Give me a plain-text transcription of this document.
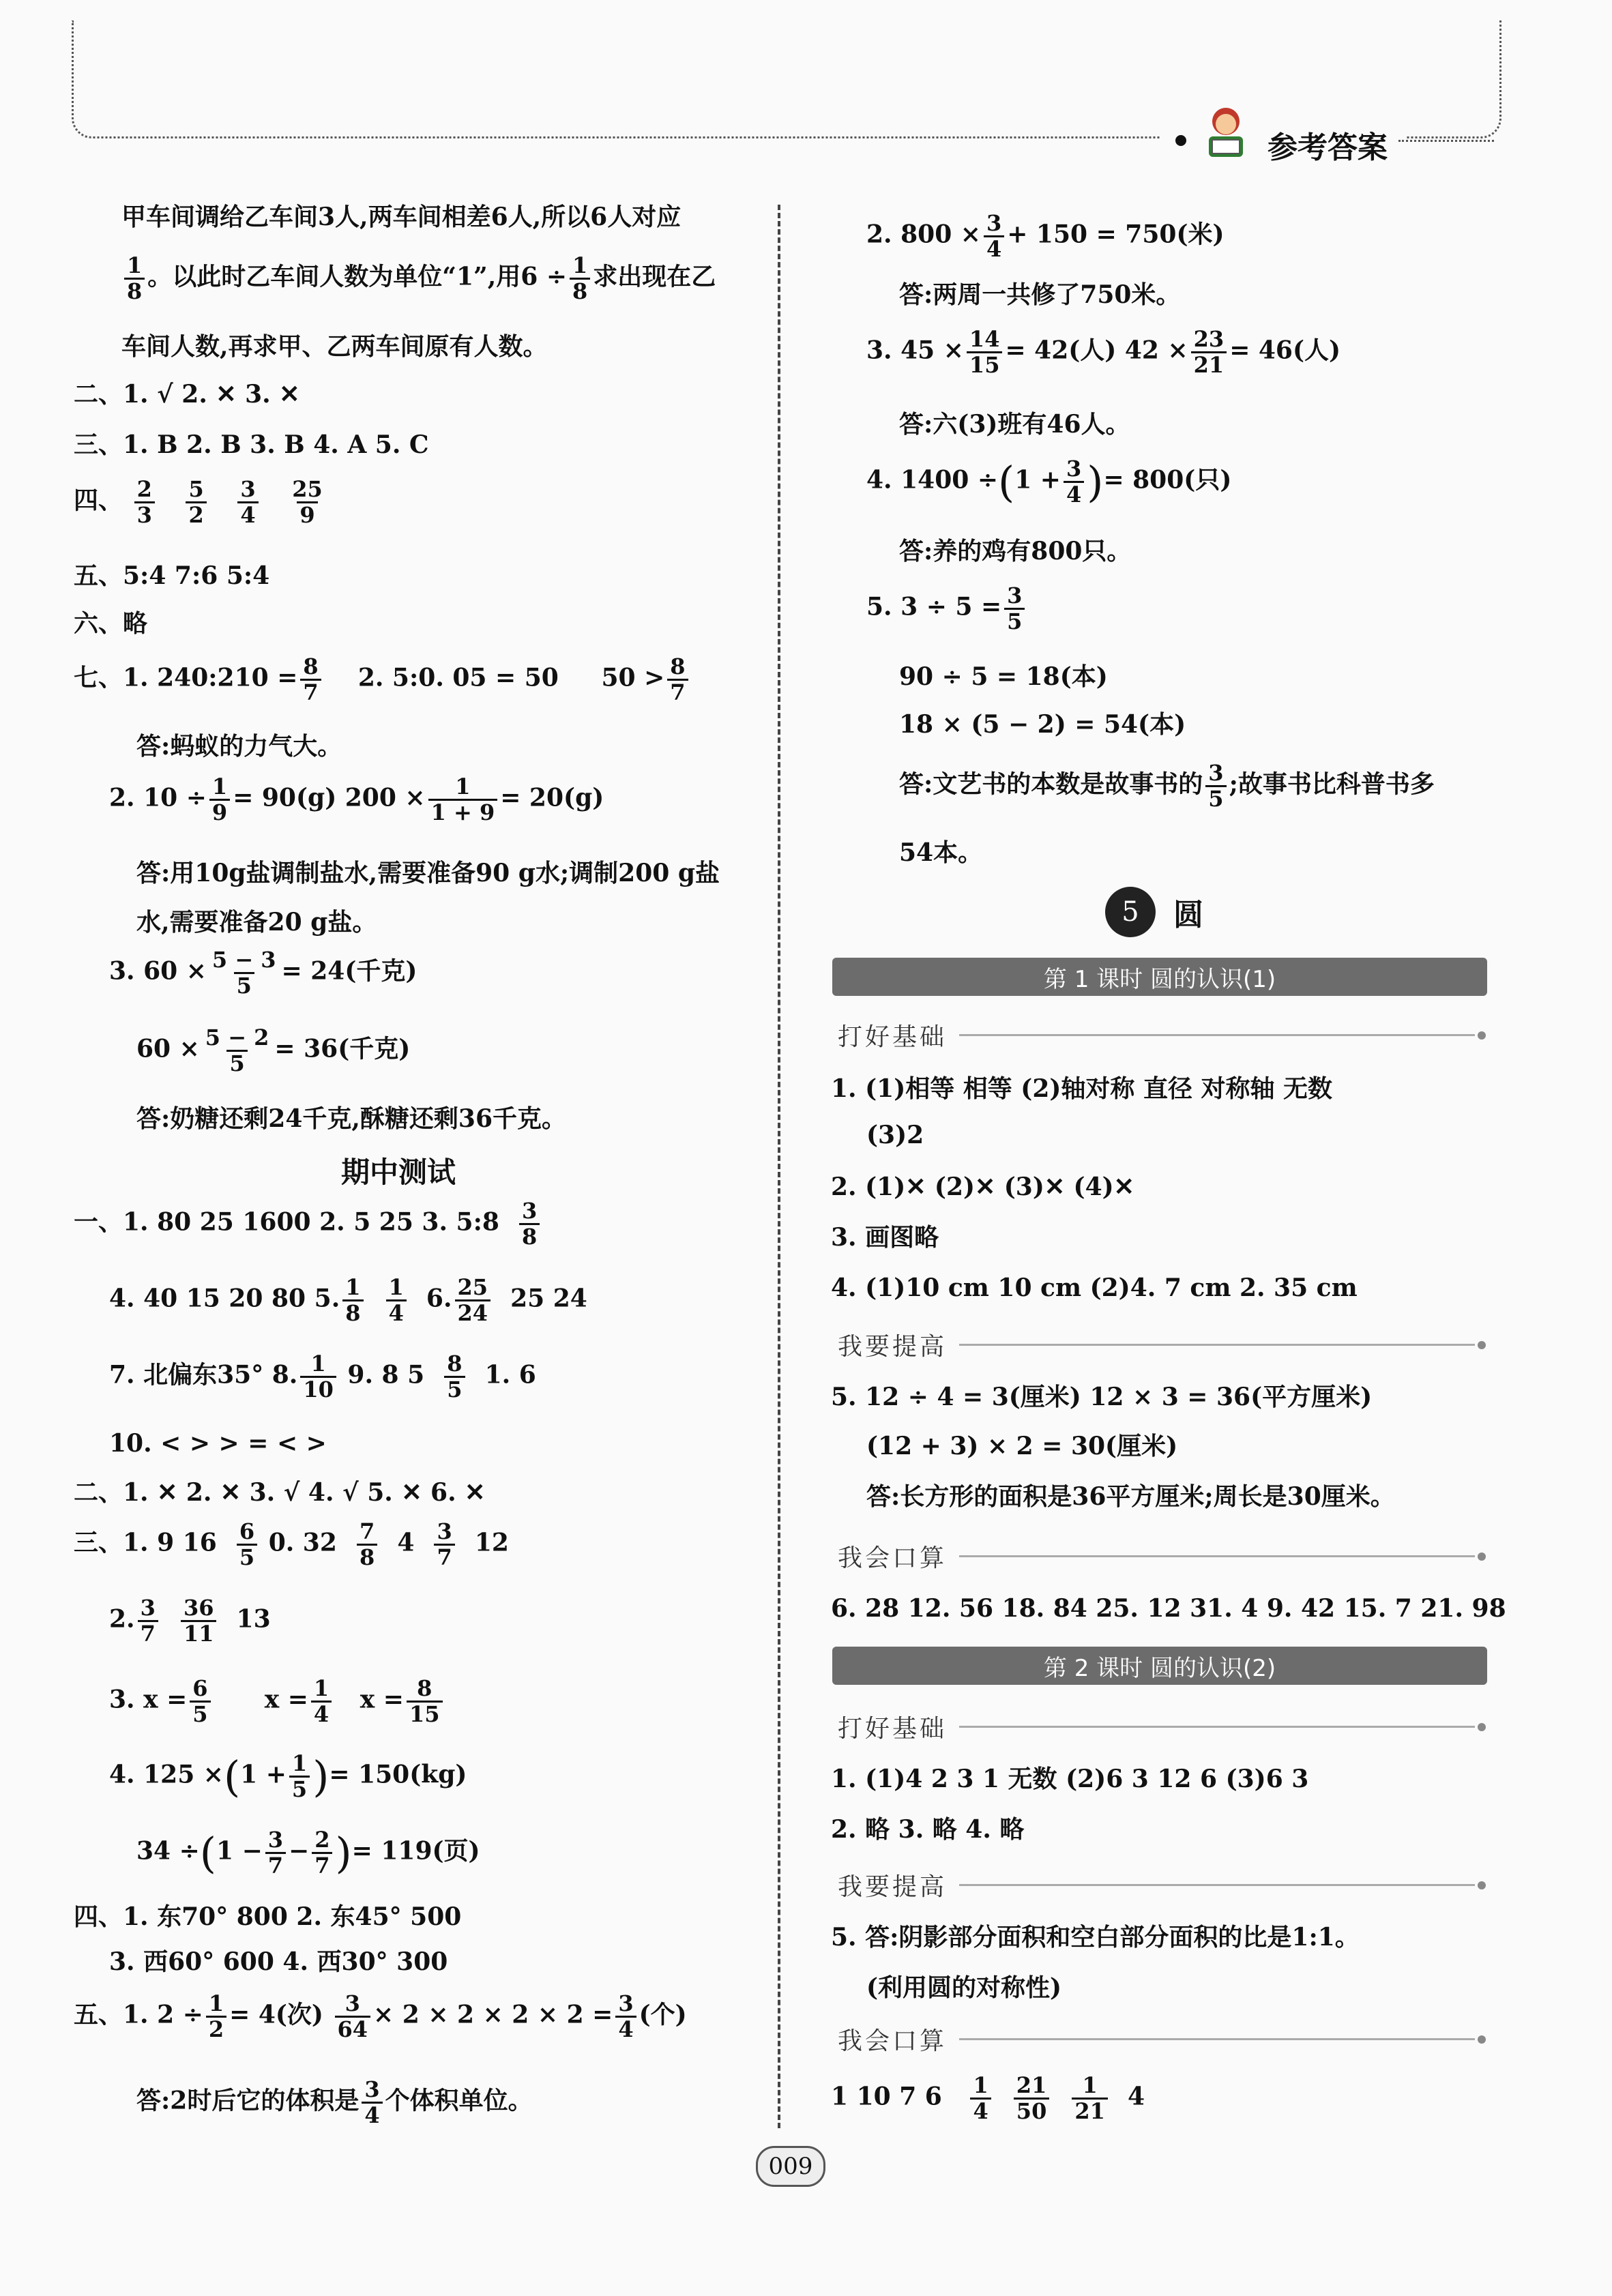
参考答案
甲车间调给乙车间3人,两车间相差6人,所以6人对应
$\frac{1}{8}$ 。以此时乙车间人数为单位“1”,用$6 \div \frac{1}{8}$ 求出现在乙
车间人数,再求甲、乙两车间原有人数。
二、1. √ 2. ✕ 3. ✕
三、1. B 2. B 3. B 4. A 5. C
四、 $\frac{2}{3}$
$\frac{5}{2}$
$\frac{3}{4}$
$\frac{25}{9}$
五、5:4 7:6 5:4
六、略
七、1. 240:210 = $\frac{8}{7} 2$. 5:0. 05 = 50 $50 > \frac{8}{7}$
答:蚂蚁的力气大。
2. $10 \div \frac{1}{9} = 90(g) 200 \times \frac{1}{1 + 9} = 20(g)$
答:用10g盐调制盐水,需要准备90 g水;调制200 g盐
水,需要准备20 g盐。
3. $60 \times \frac{5 - 3}{5} = 24$(千克)
$60 \times \frac{5 - 2}{5} = 36$(千克)
答:奶糖还剩24千克,酥糖还剩36千克。
期中测试
一、1. 80 25 1600 2. 5 25 3. 5:8 $\frac{3}{8}$
4. 40 15 20 80 5. $\frac{1}{8}$
$\frac{1}{4} 6$. $\frac{25}{24} 25$ 24
7. 北偏东35° 8. $\frac{1}{10} 9$. 8 $5 \frac{8}{5} 1$. 6
10. < > > = < >
二、1. ✕ 2. ✕ 3. √ 4. √ 5. ✕ 6. ✕
三、1. 9 $16 \frac{6}{5} 0$. $32 \frac{7}{8} 4 \frac{3}{7} 12$
2. $\frac{3}{7}$
$\frac{36}{11} 13$
3. $x = \frac{6}{5}$ $x = \frac{1}{4}$ $x = \frac{8}{15}$
4. $125 \times(1 + \frac{1}{5}$ )= 150(kg)
$34 \div(1 - \frac{3}{7} - \frac{2}{7}$ )= 119(页)
四、1. 东70° 800 2. 东45° 500
3. 西60° 600 4. 西30° 300
五、1. $2 \div \frac{1}{2} = 4$(次) $\frac{3}{64} \times 2 \times 2 \times 2 \times 2 = \frac{3}{4}$ (个)
答:2时后它的体积是 $\frac{3}{4}$ 个体积单位。
2. $800 \times \frac{3}{4} + 150 = 750$(米)
答:两周一共修了750米。
3. $45 \times \frac{14}{15} = 42$(人) $42 \times \frac{23}{21} = 46$(人)
答:六(3)班有46人。
4. $1400 \div(1 + \frac{3}{4}$ )= 800(只)
答:养的鸡有800只。
5. $3 \div 5 = \frac{3}{5}$
90 ÷ 5 = 18(本)
18 × (5 − 2) = 54(本)
答:文艺书的本数是故事书的 $\frac{3}{5}$ ;故事书比科普书多
54本。
5	圆
第 1 课时 圆的认识(1)
打好基础
1. (1)相等 相等 (2)轴对称 直径 对称轴 无数
(3)2
2. (1)✕ (2)✕ (3)✕ (4)✕
3. 画图略
4. (1)10 cm 10 cm (2)4. 7 cm 2. 35 cm
我要提高
5. 12 ÷ 4 = 3(厘米) 12 × 3 = 36(平方厘米)
(12 + 3) × 2 = 30(厘米)
答:长方形的面积是36平方厘米;周长是30厘米。
我会口算
6. 28 12. 56 18. 84 25. 12 31. 4 9. 42 15. 7 21. 98
第 2 课时 圆的认识(2)
打好基础
1. (1)4 2 3 1 无数 (2)6 3 12 6 (3)6 3
2. 略 3. 略 4. 略
我要提高
5. 答:阴影部分面积和空白部分面积的比是1:1。
(利用圆的对称性)
我会口算
1 10 7 $6 \frac{1}{4}$
$\frac{21}{50}$
$\frac{1}{21} 4$
009
